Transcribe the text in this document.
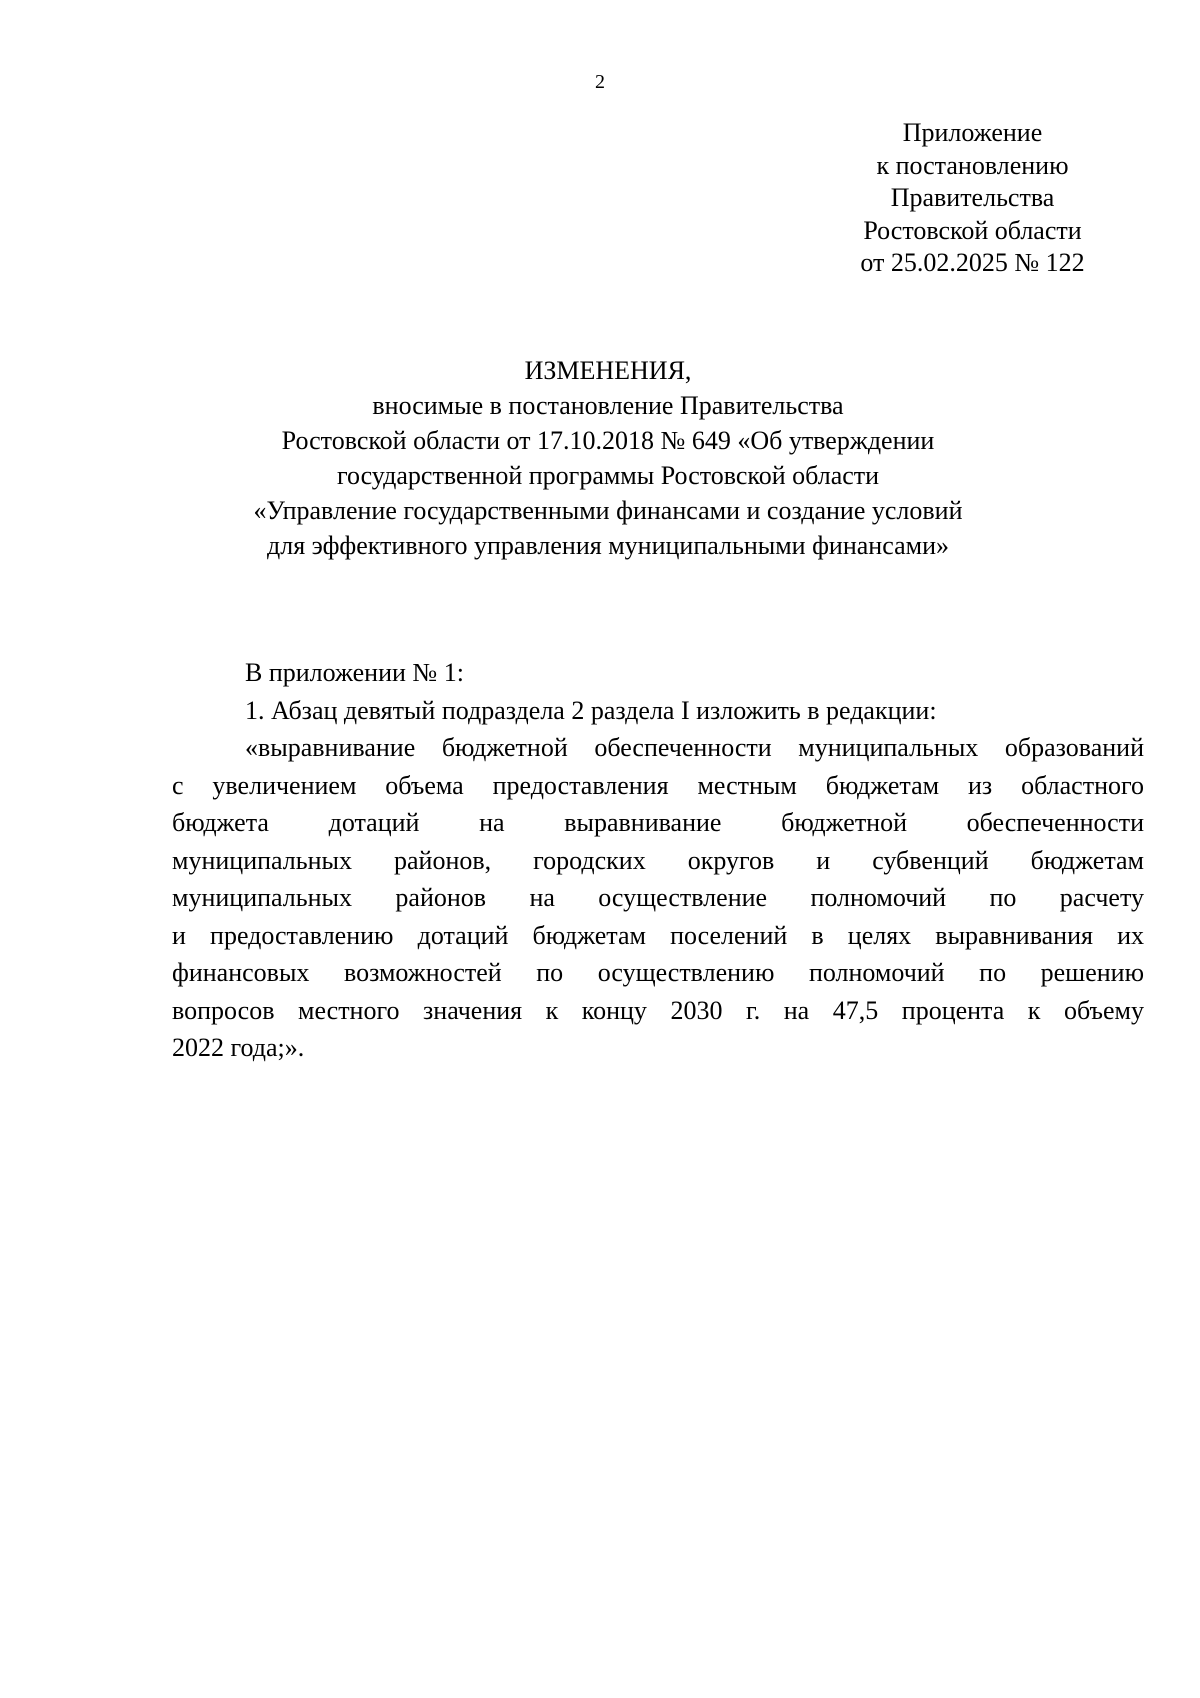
2
Приложение
к постановлению
Правительства
Ростовской области
от 25.02.2025 № 122
ИЗМЕНЕНИЯ,
вносимые в постановление Правительства
Ростовской области от 17.10.2018 № 649 «Об утверждении
государственной программы Ростовской области
«Управление государственными финансами и создание условий
для эффективного управления муниципальными финансами»
В приложении № 1:
1. Абзац девятый подраздела 2 раздела I изложить в редакции:
«выравнивание бюджетной обеспеченности муниципальных образований
с увеличением объема предоставления местным бюджетам из областного
бюджета дотаций на выравнивание бюджетной обеспеченности
муниципальных районов, городских округов и субвенций бюджетам
муниципальных районов на осуществление полномочий по расчету
и предоставлению дотаций бюджетам поселений в целях выравнивания их
финансовых возможностей по осуществлению полномочий по решению
вопросов местного значения к концу 2030 г. на 47,5 процента к объему
2022 года;».
